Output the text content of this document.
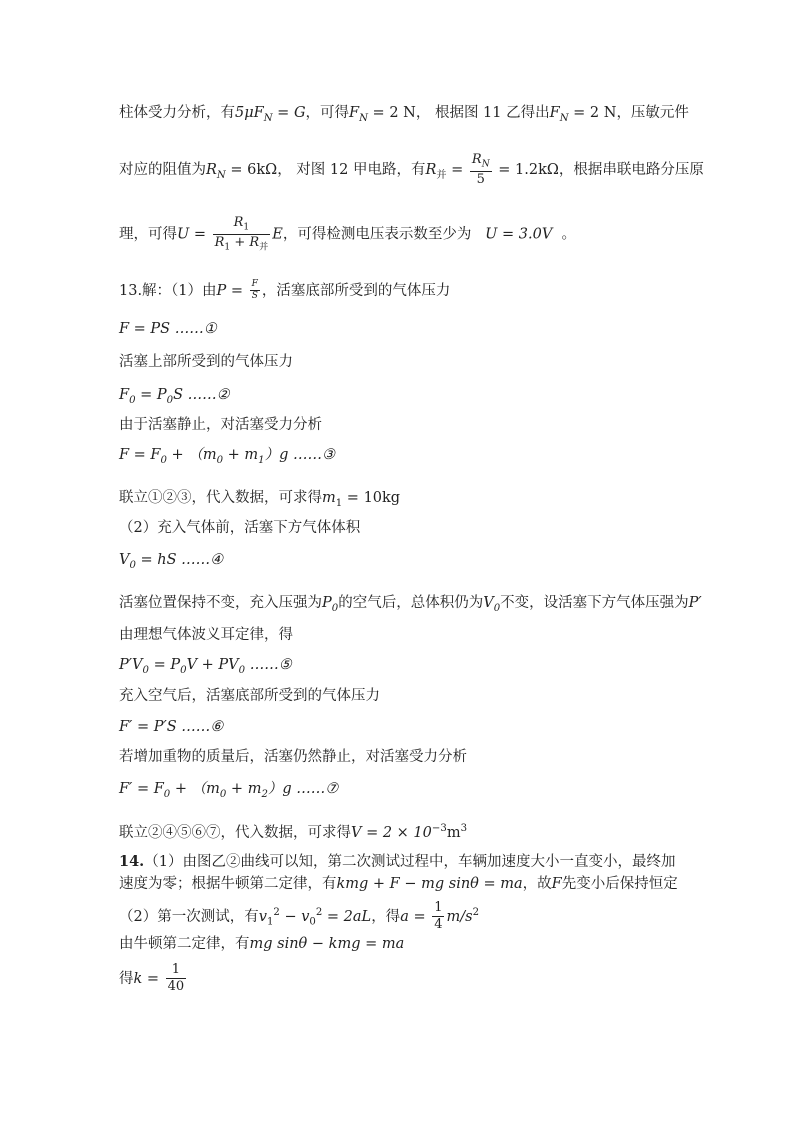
柱体受力分析，有$5\mu F_N = G$，可得$F_N = 2$ N， 根据图 11 乙得出$F_N = 2$ N，压敏元件
对应的阻值为$R_N = 6k\Omega$， 对图 12 甲电路，有$R_并 = \frac{R_N}{5} = 1.2k\Omega$，根据串联电路分压原
理，可得$U = \frac{R_1}{R_1 + R_并}$ E，可得检测电压表示数至少为 U = 3.0V 。
13.解：（1）由$P = \frac{F}{S}$ ，活塞底部所受到的气体压力
F = PS ……①
活塞上部所受到的气体压力
$F_0 = P_0S$ ……②
由于活塞静止，对活塞受力分析
$F = F_0 + (m_0 + m_1)g$ ……③
联立①②③，代入数据，可求得$m_1 = 10kg$
（2）充入气体前，活塞下方气体体积
$V_0$ = hS ……④
活塞位置保持不变，充入压强为$P_0$的空气后，总体积仍为$V_0$不变，设活塞下方气体压强为P′
由理想气体波义耳定律，得
$P'V_0 = P_0V + PV_0$ ……⑤
充入空气后，活塞底部所受到的气体压力
F′ = P′S ……⑥
若增加重物的质量后，活塞仍然静止，对活塞受力分析
$F' = F_0 + (m_0 + m_2)g$ ……⑦
联立②④⑤⑥⑦，代入数据，可求得$V = 2 \times 10^{-3}m^3$
14.（1）由图乙②曲线可以知，第二次测试过程中，车辆加速度大小一直变小，最终加
速度为零；根据牛顿第二定律，有kmg + F − mg sinθ = ma，故F先变小后保持恒定
（2）第一次测试，有$v_1^2 - v_0^2 = 2aL$，得$a = \frac{1}{4} m/s^2$
由牛顿第二定律，有mg sinθ − kmg = ma
得$k = \frac{1}{40}$
